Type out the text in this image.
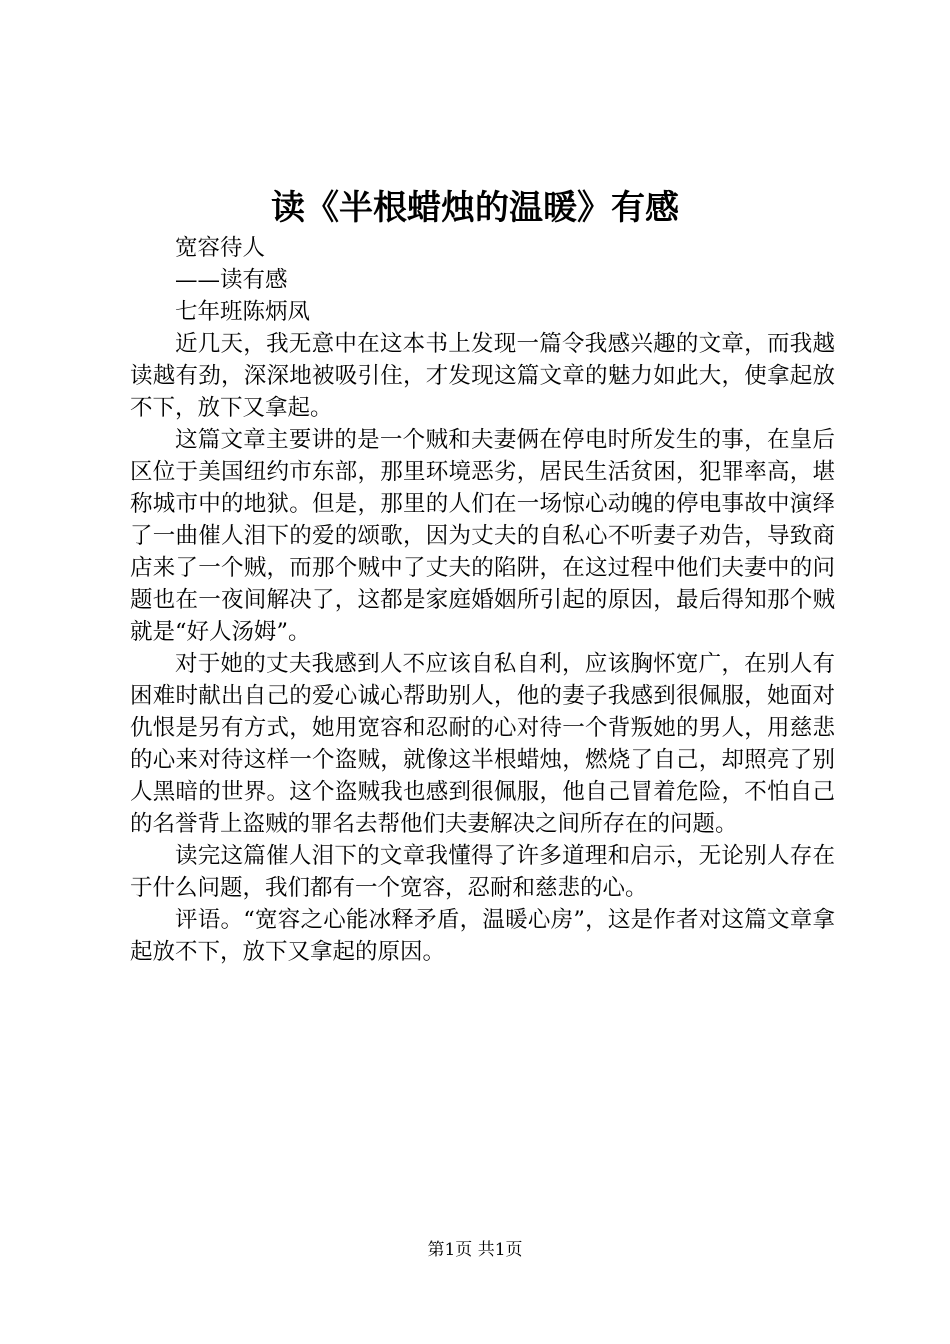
读《半根蜡烛的温暖》有感

宽容待人

——读有感

七年班陈炳凤

近几天，我无意中在这本书上发现一篇令我感兴趣的文章，而我越读越有劲，深深地被吸引住，才发现这篇文章的魅力如此大，使拿起放不下，放下又拿起。

这篇文章主要讲的是一个贼和夫妻俩在停电时所发生的事，在皇后区位于美国纽约市东部，那里环境恶劣，居民生活贫困，犯罪率高，堪称城市中的地狱。但是，那里的人们在一场惊心动魄的停电事故中演绎了一曲催人泪下的爱的颂歌，因为丈夫的自私心不听妻子劝告，导致商店来了一个贼，而那个贼中了丈夫的陷阱，在这过程中他们夫妻中的问题也在一夜间解决了，这都是家庭婚姻所引起的原因，最后得知那个贼就是“好人汤姆”。

对于她的丈夫我感到人不应该自私自利，应该胸怀宽广，在别人有困难时献出自己的爱心诚心帮助别人，他的妻子我感到很佩服，她面对仇恨是另有方式，她用宽容和忍耐的心对待一个背叛她的男人，用慈悲的心来对待这样一个盗贼，就像这半根蜡烛，燃烧了自己，却照亮了别人黑暗的世界。这个盗贼我也感到很佩服，他自己冒着危险，不怕自己的名誉背上盗贼的罪名去帮他们夫妻解决之间所存在的问题。

读完这篇催人泪下的文章我懂得了许多道理和启示，无论别人存在于什么问题，我们都有一个宽容，忍耐和慈悲的心。

评语。“宽容之心能冰释矛盾，温暖心房”，这是作者对这篇文章拿起放不下，放下又拿起的原因。

第1页 共1页
